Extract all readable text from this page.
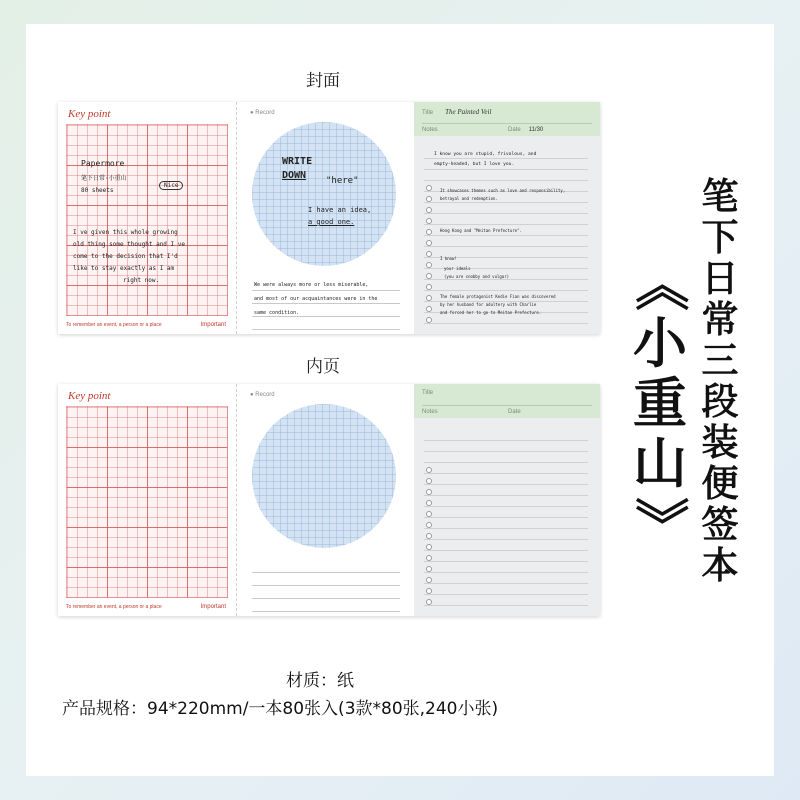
封面
Key point
Papermore
笔下日常·小重山
80 sheets
Nice
I ve given this whole growing
old thing some thought and I ve
come to the decision that I'd
like to stay exactly as I am
right now.
To remember an event, a person or a place	Important
● Record
WRITE
DOWN "here"
I have an idea,
a good one.
We were always more or less miserable,
and most of our acquaintances were in the
same condition.
Title The Painted Veil
Notes	Date 11/30
I know you are stupid, frivolous, and
empty-headed, but I love you.
It showcases themes such as love and responsibility,
betrayal and redemption.
Hong Kong and "Meitan Prefecture".
I know!
your ideals
(you are snobby and vulgar)
The female protagonist Kedie Fian was discovered
by her husband for adultery with Charlie
and forced her to go to Meitan Prefecture.
内页
Key point
To remember an event, a person or a place	Important
● Record	Title
Notes	Date
笔
下
日
常
三
段
装
便
签
本
《
小
重
山
》
材质：纸
产品规格：94*220mm/一本80张入(3款*80张,240小张)
